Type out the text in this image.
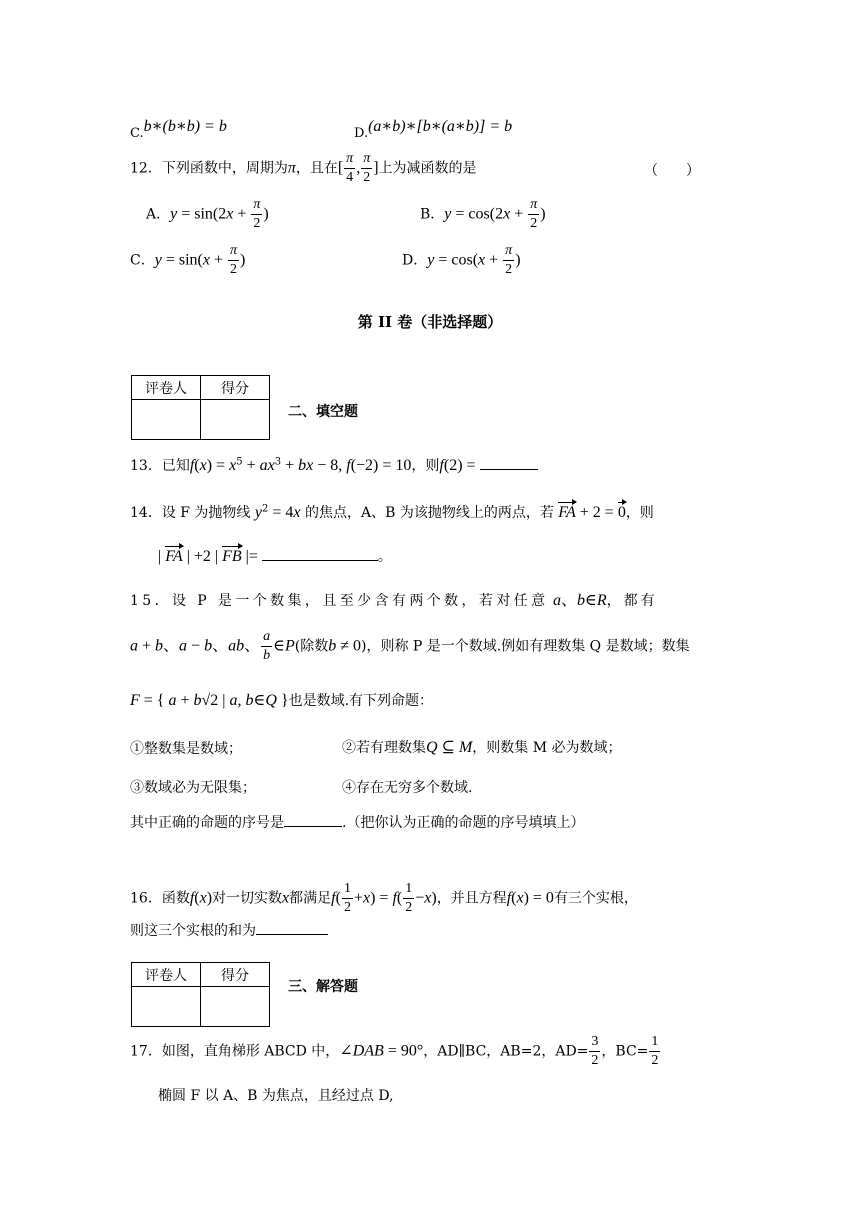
C.b∗(b∗b) = b	D.(a∗b)∗[b∗(a∗b)] = b
12．下列函数中，周期为π，且在[ $\frac{\pi}{4}$ , $\frac{\pi}{2}$ ]上为减函数的是	（　　）
A．$y = \sin(2x + \frac{\pi}{2}$ )	B．$y = \cos(2x + \frac{\pi}{2}$ )
C．$y = \sin(x + \frac{\pi}{2}$ )	D．$y = \cos(x + \frac{\pi}{2}$ )
第 II 卷（非选择题）
评卷人	得分

二、填空题
13．已知$f(x) = x^5 + ax^3$ + bx − 8, f(−2) = 10，则f(2) =
14．设 F 为抛物线 $y^2 = 4x$ 的焦点，A、B 为该抛物线上的两点，若 FA + 2 = 0，则
| FA | +2 | FB |=	。
15．设 P 是一个数集，且至少含有两个数，若对任意 a、b∈R，都有
a + b、a − b、ab、 $\frac{a}{b}$ ∈P(除数b ≠ 0)，则称 P 是一个数域.例如有理数集 Q 是数域；数集
F = { a + b√2 | a, b∈Q }也是数域.有下列命题：
①整数集是数域；	②若有理数集Q ⊆ M，则数集 M 必为数域；
③数域必为无限集；	④存在无穷多个数域.
其中正确的命题的序号是	.（把你认为正确的命题的序号填填上）
16．函数f(x)对一切实数x都满足$f( \frac{1}{2} +x) = f( \frac{1}{2} -x)$，并且方程f(x) = 0有三个实根，
则这三个实根的和为
评卷人	得分

三、解答题
17．如图，直角梯形 ABCD 中，∠DAB = 90°，AD∥BC，AB=2，$AD= \frac{3}{2}$ ，$BC= \frac{1}{2}$
椭圆 F 以 A、B 为焦点，且经过点 D,
